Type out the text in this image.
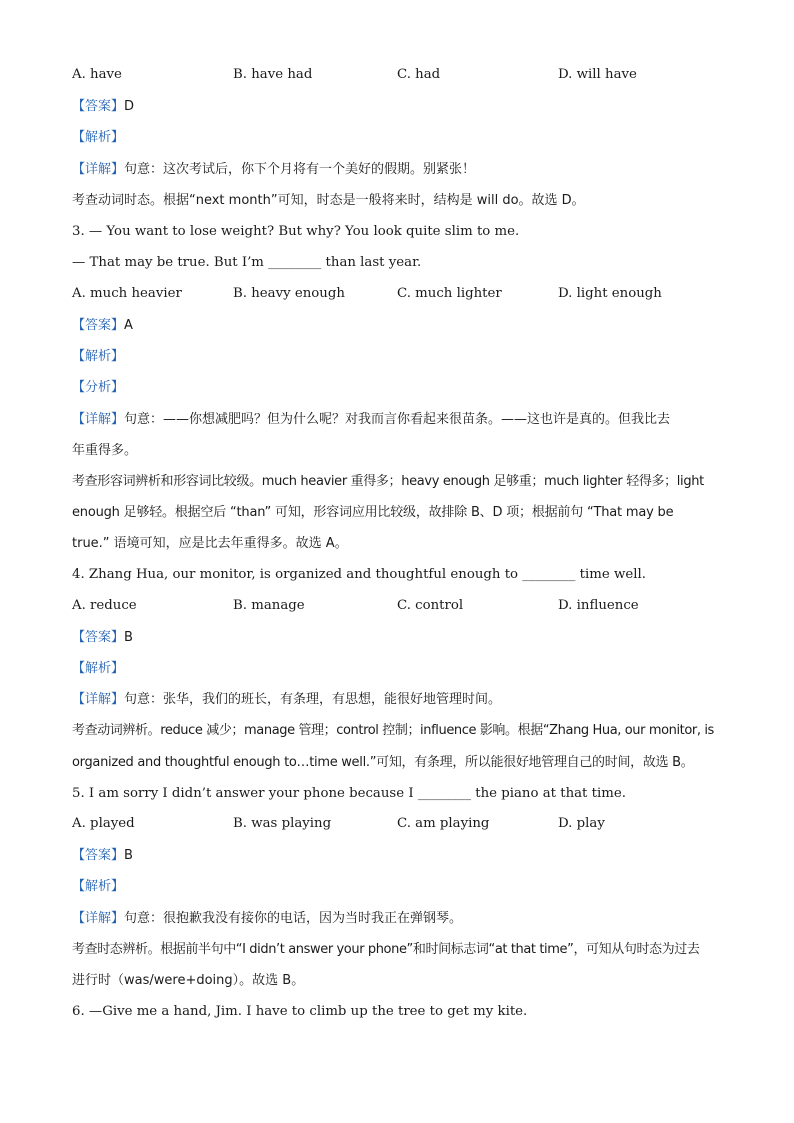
A. have	B. have had	C. had	D. will have
【答案】D
【解析】
【详解】句意：这次考试后，你下个月将有一个美好的假期。别紧张！
考查动词时态。根据“next month”可知，时态是一般将来时，结构是 will do。故选 D。
3. — You want to lose weight? But why? You look quite slim to me.
— That may be true. But I’m ________ than last year.
A. much heavier	B. heavy enough	C. much lighter	D. light enough
【答案】A
【解析】
【分析】
【详解】句意：——你想减肥吗？但为什么呢？对我而言你看起来很苗条。——这也许是真的。但我比去
年重得多。
考查形容词辨析和形容词比较级。much heavier 重得多；heavy enough 足够重；much lighter 轻得多；light
enough 足够轻。根据空后 “than” 可知，形容词应用比较级，故排除 B、D 项；根据前句 “That may be
true.” 语境可知，应是比去年重得多。故选 A。
4. Zhang Hua, our monitor, is organized and thoughtful enough to ________ time well.
A. reduce	B. manage	C. control	D. influence
【答案】B
【解析】
【详解】句意：张华，我们的班长，有条理，有思想，能很好地管理时间。
考查动词辨析。reduce 减少；manage 管理；control 控制；influence 影响。根据“Zhang Hua, our monitor, is
organized and thoughtful enough to…time well.”可知，有条理，所以能很好地管理自己的时间，故选 B。
5. I am sorry I didn’t answer your phone because I ________ the piano at that time.
A. played	B. was playing	C. am playing	D. play
【答案】B
【解析】
【详解】句意：很抱歉我没有接你的电话，因为当时我正在弹钢琴。
考查时态辨析。根据前半句中“I didn’t answer your phone”和时间标志词“at that time”，可知从句时态为过去
进行时（was/were+doing）。故选 B。
6. —Give me a hand, Jim. I have to climb up the tree to get my kite.
